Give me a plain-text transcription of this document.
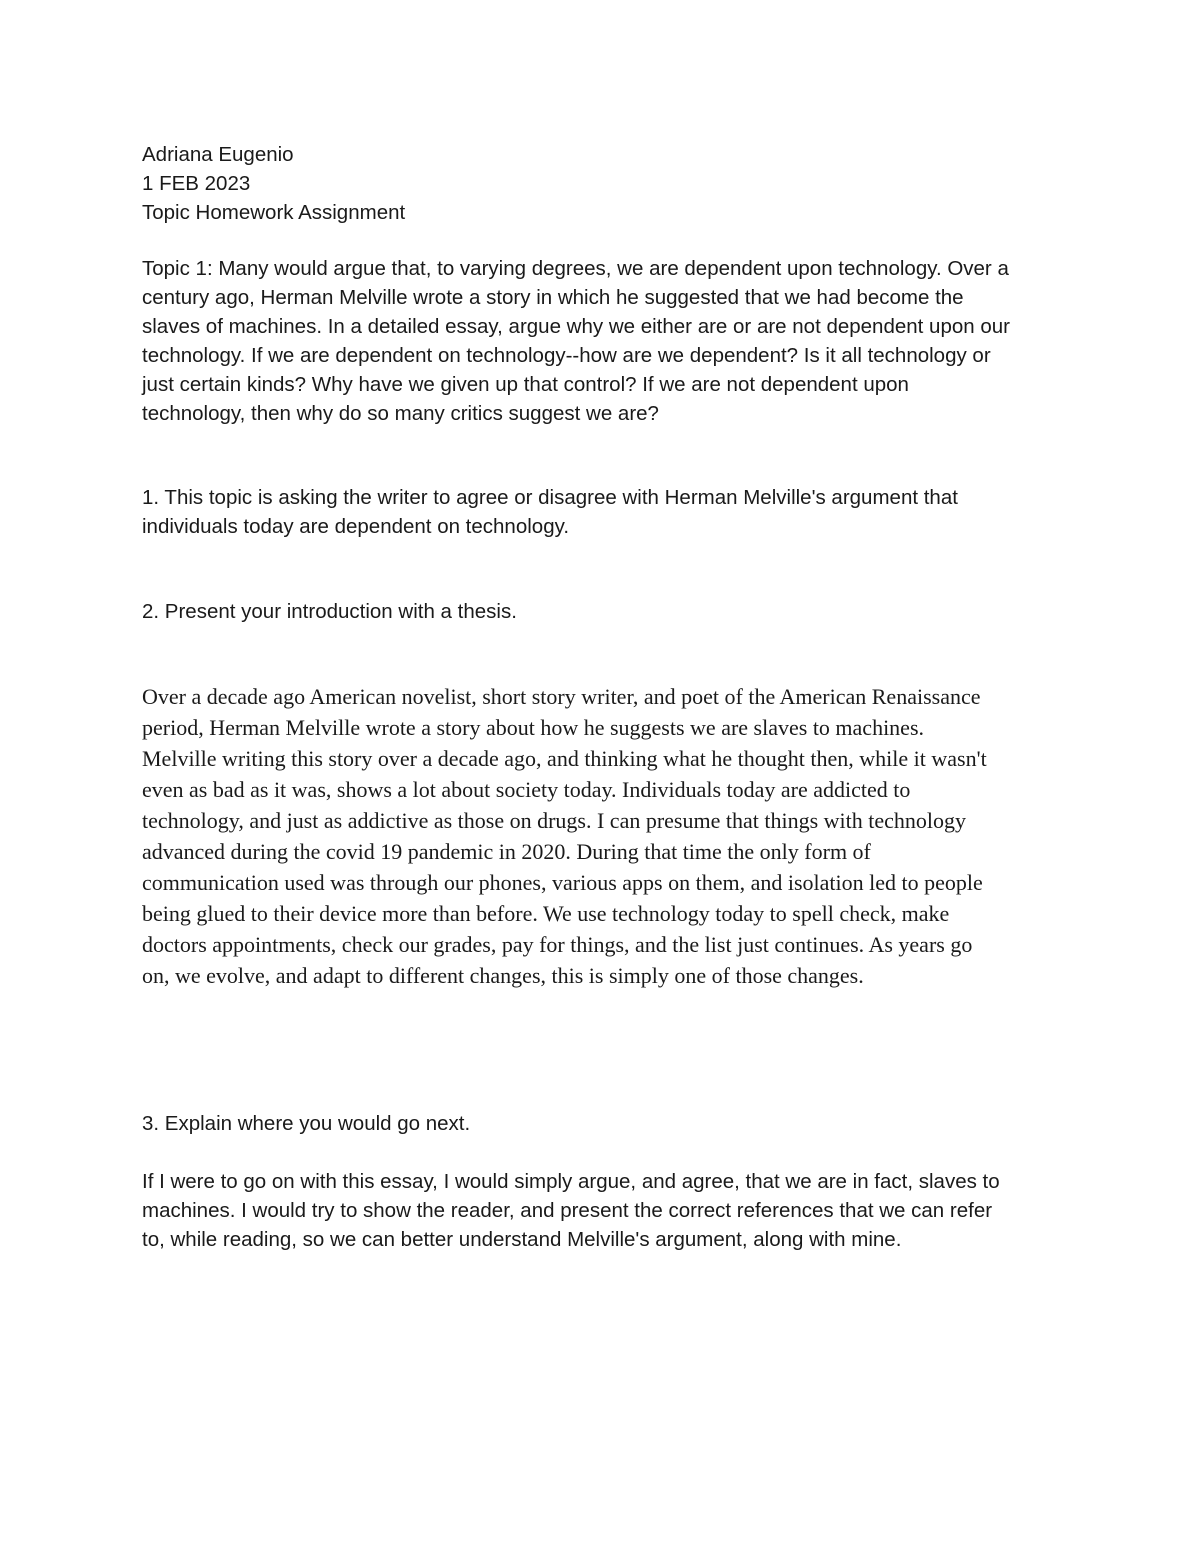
Adriana Eugenio
1 FEB 2023
Topic Homework Assignment
Topic 1: Many would argue that, to varying degrees, we are dependent upon technology. Over a
century ago, Herman Melville wrote a story in which he suggested that we had become the
slaves of machines. In a detailed essay, argue why we either are or are not dependent upon our
technology. If we are dependent on technology--how are we dependent? Is it all technology or
just certain kinds? Why have we given up that control? If we are not dependent upon
technology, then why do so many critics suggest we are?
1. This topic is asking the writer to agree or disagree with Herman Melville's argument that
individuals today are dependent on technology.
2. Present your introduction with a thesis.
Over a decade ago American novelist, short story writer, and poet of the American Renaissance
period, Herman Melville wrote a story about how he suggests we are slaves to machines.
Melville writing this story over a decade ago, and thinking what he thought then, while it wasn't
even as bad as it was, shows a lot about society today. Individuals today are addicted to
technology, and just as addictive as those on drugs. I can presume that things with technology
advanced during the covid 19 pandemic in 2020. During that time the only form of
communication used was through our phones, various apps on them, and isolation led to people
being glued to their device more than before. We use technology today to spell check, make
doctors appointments, check our grades, pay for things, and the list just continues. As years go
on, we evolve, and adapt to different changes, this is simply one of those changes.
3. Explain where you would go next.
If I were to go on with this essay, I would simply argue, and agree, that we are in fact, slaves to
machines. I would try to show the reader, and present the correct references that we can refer
to, while reading, so we can better understand Melville's argument, along with mine.
